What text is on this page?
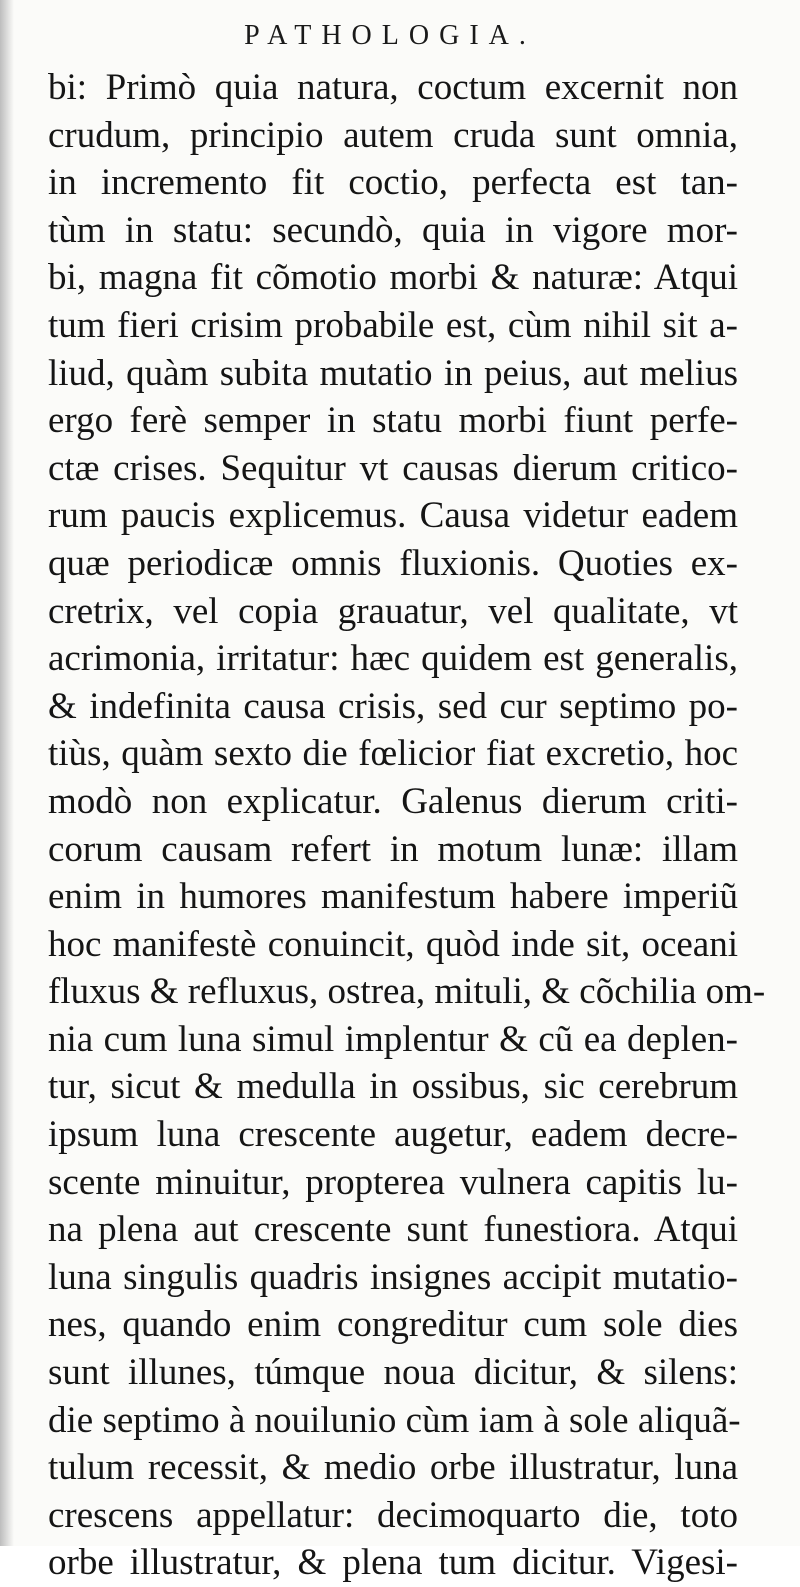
PATHOLOGIA.
bi: Primò quia natura, coctum excernit non
crudum, principio autem cruda sunt omnia,
in incremento fit coctio, perfecta est tan-
tùm in statu: secundò, quia in vigore mor-
bi, magna fit cõmotio morbi & naturæ: Atqui
tum fieri crisim probabile est, cùm nihil sit a-
liud, quàm subita mutatio in peius, aut melius
ergo ferè semper in statu morbi fiunt perfe-
ctæ crises. Sequitur vt causas dierum critico-
rum paucis explicemus. Causa videtur eadem
quæ periodicæ omnis fluxionis. Quoties ex-
cretrix, vel copia grauatur, vel qualitate, vt
acrimonia, irritatur: hæc quidem est generalis,
& indefinita causa crisis, sed cur septimo po-
tiùs, quàm sexto die fœlicior fiat excretio, hoc
modò non explicatur. Galenus dierum criti-
corum causam refert in motum lunæ: illam
enim in humores manifestum habere imperiũ
hoc manifestè conuincit, quòd inde sit, oceani
fluxus & refluxus, ostrea, mituli, & cõchilia om-
nia cum luna simul implentur & cũ ea deplen-
tur, sicut & medulla in ossibus, sic cerebrum
ipsum luna crescente augetur, eadem decre-
scente minuitur, propterea vulnera capitis lu-
na plena aut crescente sunt funestiora. Atqui
luna singulis quadris insignes accipit mutatio-
nes, quando enim congreditur cum sole dies
sunt illunes, túmque noua dicitur, & silens:
die septimo à nouilunio cùm iam à sole aliquã-
tulum recessit, & medio orbe illustratur, luna
crescens appellatur: decimoquarto die, toto
orbe illustratur, & plena tum dicitur. Vigesi-
